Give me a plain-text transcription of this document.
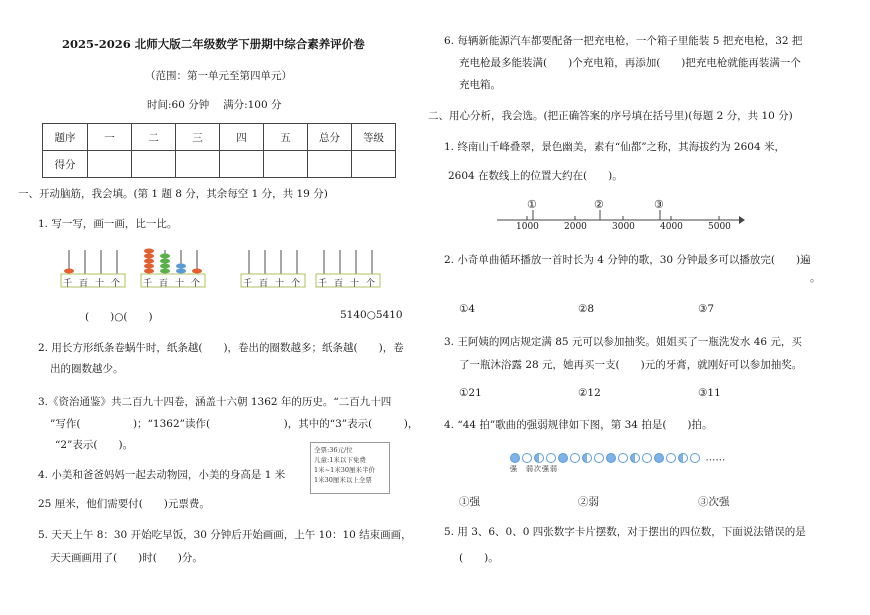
2025-2026 北师大版二年级数学下册期中综合素养评价卷
（范围：第一单元至第四单元）
时间:60 分钟　 满分:100 分
题序	一	二	三	四	五	总分	等级
得分							
一、开动脑筋，我会填。(第 1 题 8 分，其余每空 1 分，共 19 分)
1. 写一写，画一画，比一比。
千百十个 千百十个	千百十个 千百十个
(　　)○(　　)	5140○5410
2. 用长方形纸条卷蜗牛时，纸条越(　　)，卷出的圈数越多；纸条越(　　)，卷
出的圈数越少。
3.《资治通鉴》共二百九十四卷，涵盖十六朝 1362 年的历史。“二百九十四
”写作(　　　　　)；“1362”读作(　　　　　　　)，其中的“3”表示(　　　)，
“2”表示(　　)。
4. 小美和爸爸妈妈一起去动物园，小美的身高是 1 米
25 厘米，他们需要付(　　)元票费。
全票:36元/位
儿童:1米以下免费
1米~1米30厘米半价
1米30厘米以上全票
5. 天天上午 8：30 开始吃早饭，30 分钟后开始画画，上午 10：10 结束画画，
天天画画用了(　　)时(　　)分。
6. 每辆新能源汽车都要配备一把充电枪，一个箱子里能装 5 把充电枪，32 把
充电枪最多能装满(　　)个充电箱，再添加(　　)把充电枪就能再装满一个
充电箱。
二、用心分析，我会选。(把正确答案的序号填在括号里)(每题 2 分，共 10 分)
1. 终南山千峰叠翠，景色幽美，素有“仙都”之称，其海拔约为 2604 米，
2604 在数线上的位置大约在(　　)。
①	②	③
1000	2000	3000	4000	5000
2. 小奇单曲循环播放一首时长为 4 分钟的歌，30 分钟最多可以播放完(　　)遍
。
①4	②8	③7
3. 王阿姨的网店规定满 85 元可以参加抽奖。姐姐买了一瓶洗发水 46 元，买
了一瓶沐浴露 28 元，她再买一支(　　)元的牙膏，就刚好可以参加抽奖。
①21	②12	③11
4. “44 拍”歌曲的强弱规律如下图，第 34 拍是(　　)拍。
……
强　弱次强弱
①强	②弱	③次强
5. 用 3、6、0、0 四张数字卡片摆数，对于摆出的四位数，下面说法错误的是
(　　)。
